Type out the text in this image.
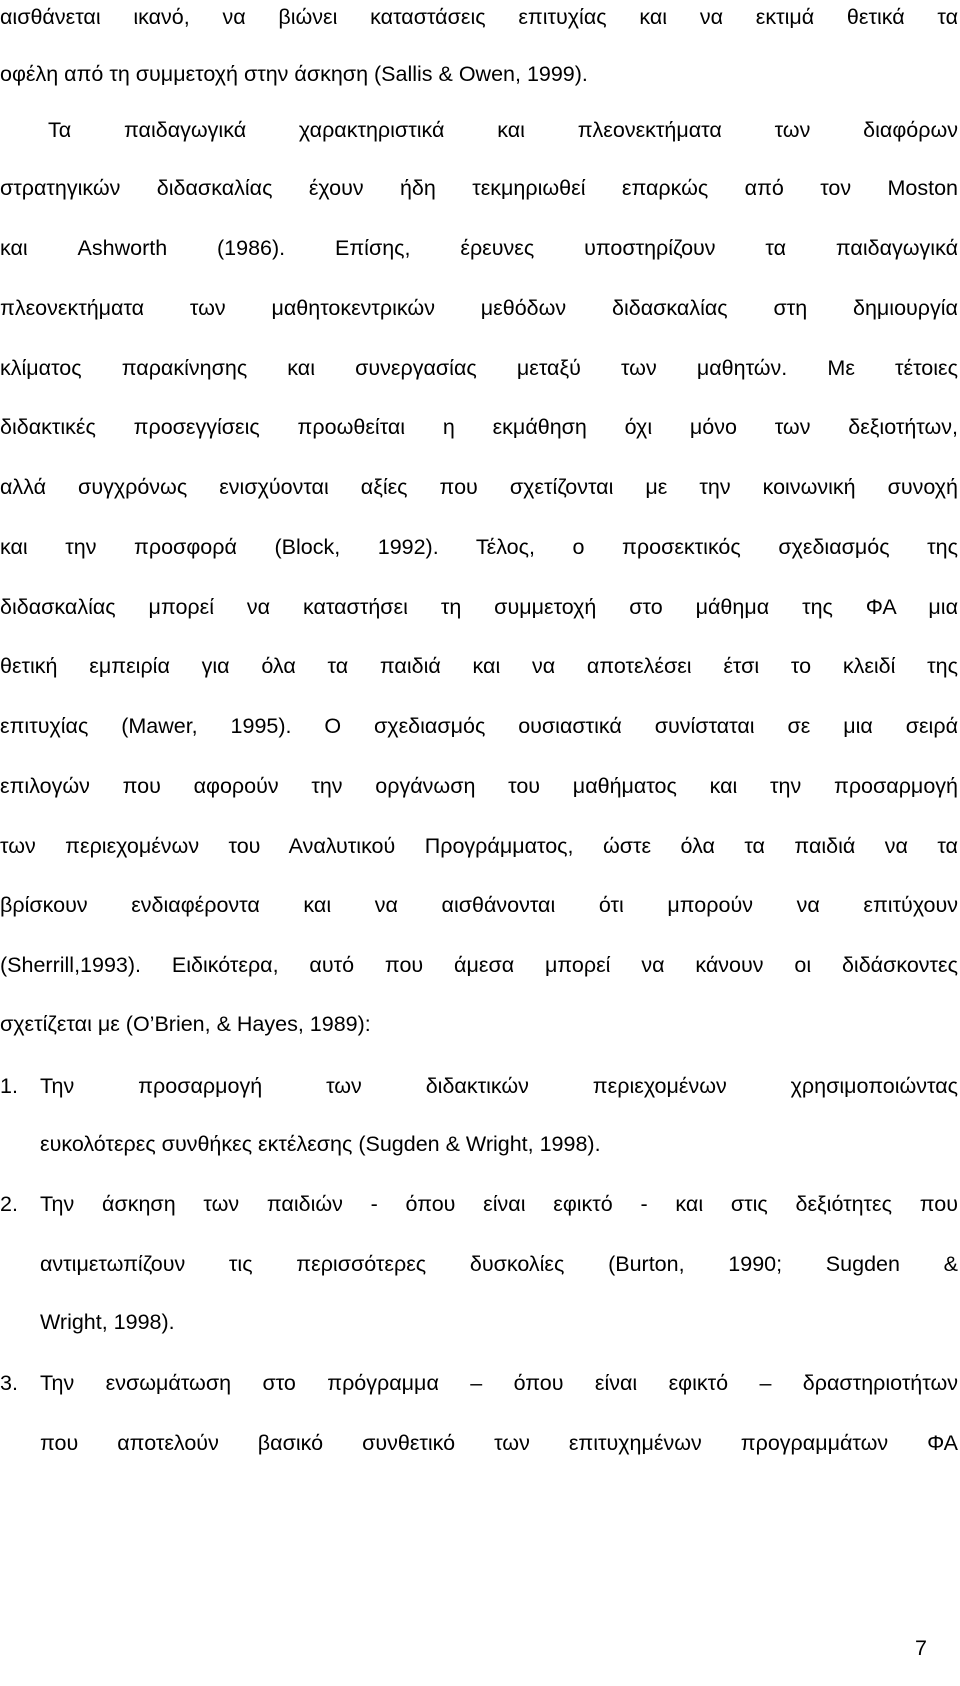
αισθάνεται ικανό, να βιώνει καταστάσεις επιτυχίας και να εκτιμά θετικά τα
οφέλη από τη συμμετοχή στην άσκηση (Sallis & Owen, 1999).
Τα παιδαγωγικά χαρακτηριστικά και πλεονεκτήματα των διαφόρων
στρατηγικών διδασκαλίας έχουν ήδη τεκμηριωθεί επαρκώς από τον Moston
και Ashworth (1986). Επίσης, έρευνες υποστηρίζουν τα παιδαγωγικά
πλεονεκτήματα των μαθητοκεντρικών μεθόδων διδασκαλίας στη δημιουργία
κλίματος παρακίνησης και συνεργασίας μεταξύ των μαθητών. Με τέτοιες
διδακτικές προσεγγίσεις προωθείται η εκμάθηση όχι μόνο των δεξιοτήτων,
αλλά συγχρόνως ενισχύονται αξίες που σχετίζονται με την κοινωνική συνοχή
και την προσφορά (Block, 1992). Τέλος, ο προσεκτικός σχεδιασμός της
διδασκαλίας μπορεί να καταστήσει τη συμμετοχή στο μάθημα της ΦΑ μια
θετική εμπειρία για όλα τα παιδιά και να αποτελέσει έτσι το κλειδί της
επιτυχίας (Mawer, 1995). Ο σχεδιασμός ουσιαστικά συνίσταται σε μια σειρά
επιλογών που αφορούν την οργάνωση του μαθήματος και την προσαρμογή
των περιεχομένων του Αναλυτικού Προγράμματος, ώστε όλα τα παιδιά να τα
βρίσκουν ενδιαφέροντα και να αισθάνονται ότι μπορούν να επιτύχουν
(Sherrill,1993). Ειδικότερα, αυτό που άμεσα μπορεί να κάνουν οι διδάσκοντες
σχετίζεται με (O’Brien, & Hayes, 1989):
1. Την προσαρμογή των διδακτικών περιεχομένων χρησιμοποιώντας
ευκολότερες συνθήκες εκτέλεσης (Sugden & Wright, 1998).
2. Την άσκηση των παιδιών - όπου είναι εφικτό - και στις δεξιότητες που
αντιμετωπίζουν τις περισσότερες δυσκολίες (Burton, 1990; Sugden &
Wright, 1998).
3. Την ενσωμάτωση στο πρόγραμμα – όπου είναι εφικτό – δραστηριοτήτων
που αποτελούν βασικό συνθετικό των επιτυχημένων προγραμμάτων ΦΑ
7
